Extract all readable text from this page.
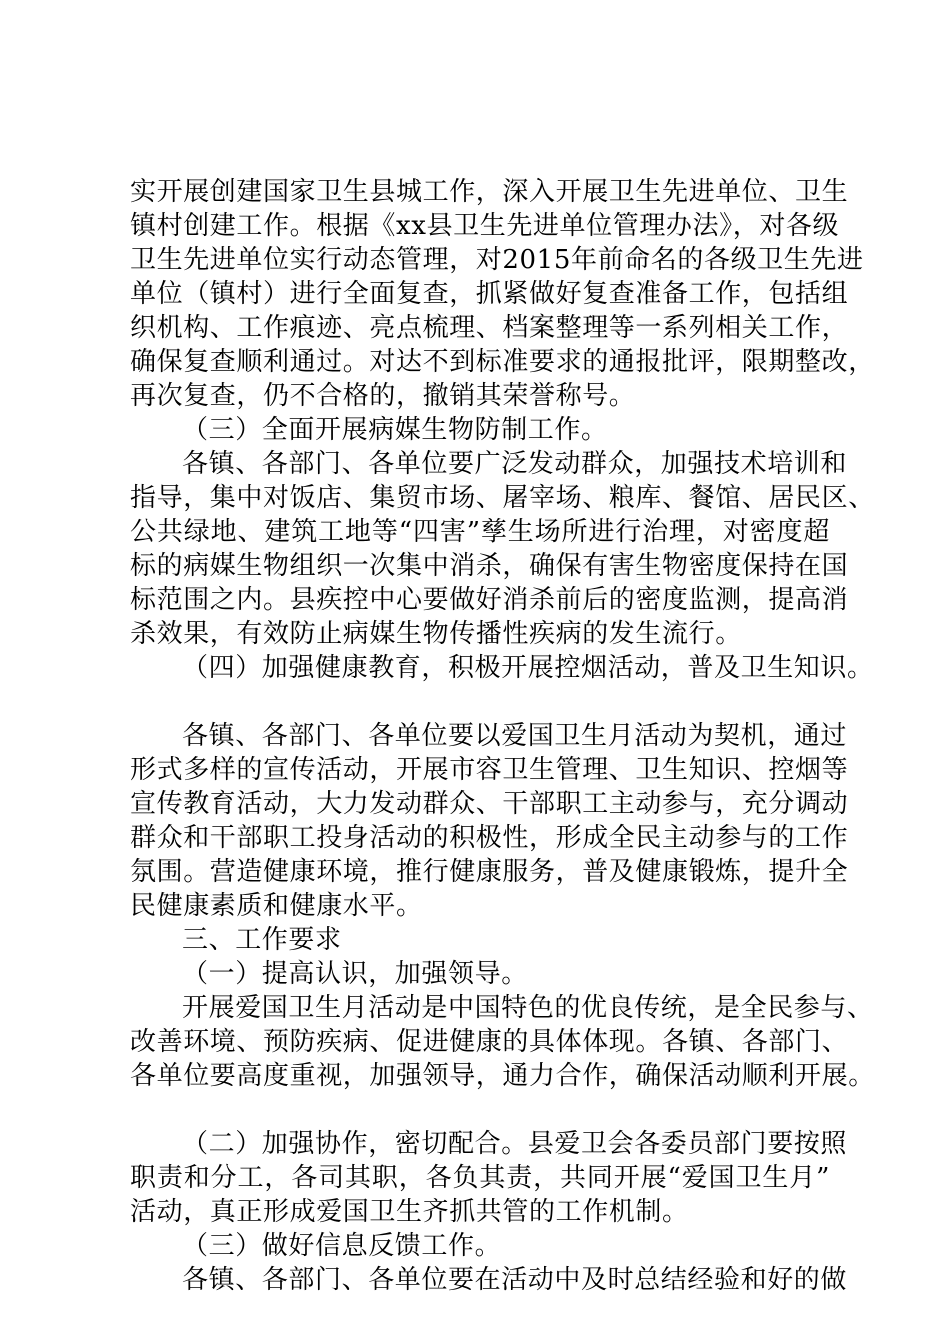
实开展创建国家卫生县城工作，深入开展卫生先进单位、卫生
镇村创建工作。根据《xx县卫生先进单位管理办法》，对各级
卫生先进单位实行动态管理，对2015年前命名的各级卫生先进
单位（镇村）进行全面复查，抓紧做好复查准备工作，包括组
织机构、工作痕迹、亮点梳理、档案整理等一系列相关工作，
确保复查顺利通过。对达不到标准要求的通报批评，限期整改，
再次复查，仍不合格的，撤销其荣誉称号。
（三）全面开展病媒生物防制工作。
各镇、各部门、各单位要广泛发动群众，加强技术培训和
指导，集中对饭店、集贸市场、屠宰场、粮库、餐馆、居民区、
公共绿地、建筑工地等“四害”孳生场所进行治理，对密度超
标的病媒生物组织一次集中消杀，确保有害生物密度保持在国
标范围之内。县疾控中心要做好消杀前后的密度监测，提高消
杀效果，有效防止病媒生物传播性疾病的发生流行。
（四）加强健康教育，积极开展控烟活动，普及卫生知识。
各镇、各部门、各单位要以爱国卫生月活动为契机，通过
形式多样的宣传活动，开展市容卫生管理、卫生知识、控烟等
宣传教育活动，大力发动群众、干部职工主动参与，充分调动
群众和干部职工投身活动的积极性，形成全民主动参与的工作
氛围。营造健康环境，推行健康服务，普及健康锻炼，提升全
民健康素质和健康水平。
三、工作要求
（一）提高认识，加强领导。
开展爱国卫生月活动是中国特色的优良传统，是全民参与、
改善环境、预防疾病、促进健康的具体体现。各镇、各部门、
各单位要高度重视，加强领导，通力合作，确保活动顺利开展。
（二）加强协作，密切配合。县爱卫会各委员部门要按照
职责和分工，各司其职，各负其责，共同开展“爱国卫生月”
活动，真正形成爱国卫生齐抓共管的工作机制。
（三）做好信息反馈工作。
各镇、各部门、各单位要在活动中及时总结经验和好的做
